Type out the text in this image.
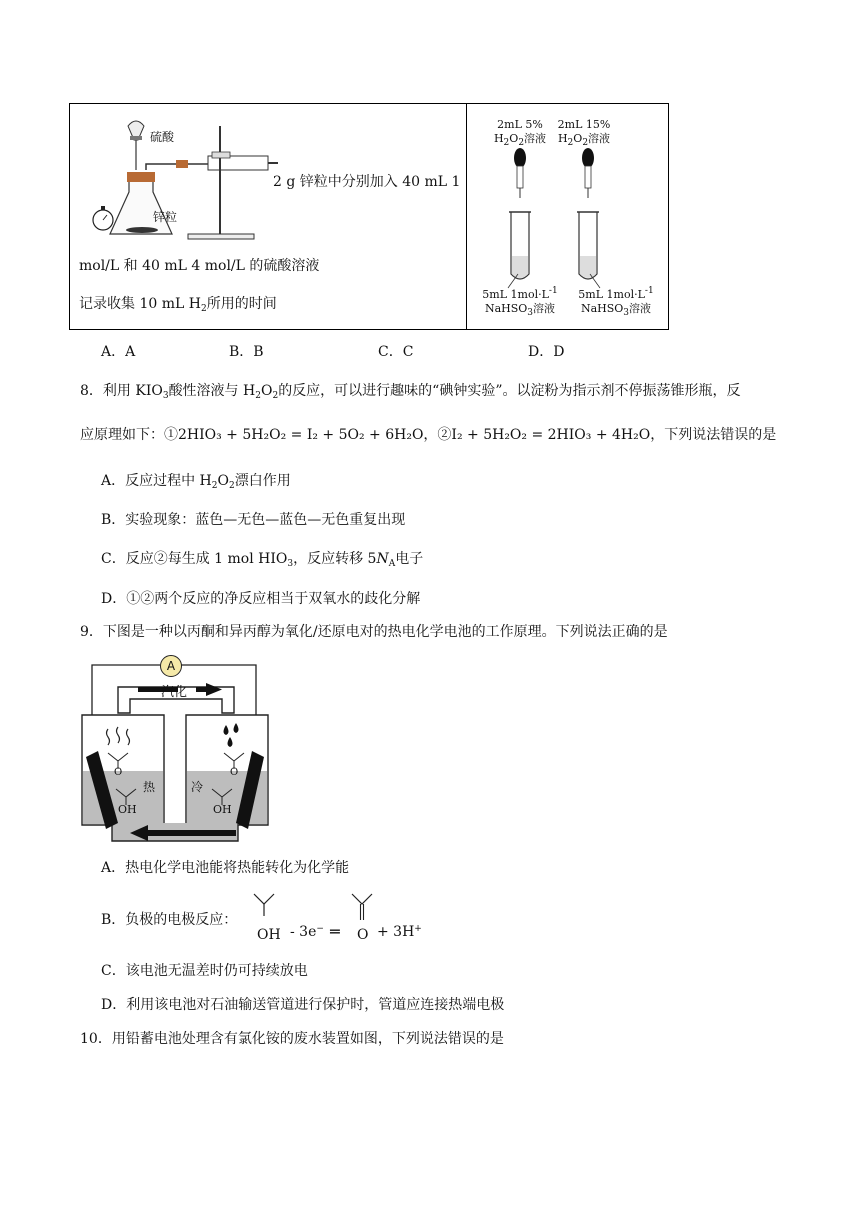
硫酸
锌粒
2 g 锌粒中分别加入 40 mL 1
mol/L 和 40 mL 4 mol/L 的硫酸溶液
记录收集 10 mL $H_2$所用的时间
2mL 5%
$H_2O_2$溶液
2mL 15%
$H_2O_2$溶液
5mL $1mol\cdot L^{-1}$
NaHSO$_3$溶液
5mL $1mol\cdot L^{-1}$
NaHSO$_3$溶液
A．A	B．B	C．C	D．D
8．利用 $KIO_3$酸性溶液与 $H_2O_2$的反应，可以进行趣味的“碘钟实验”。以淀粉为指示剂不停振荡锥形瓶，反
应原理如下：①2HIO₃ + 5H₂O₂ = I₂ + 5O₂ + 6H₂O，②I₂ + 5H₂O₂ = 2HIO₃ + 4H₂O，下列说法错误的是
A．反应过程中 $H_2O_2$漂白作用
B．实验现象：蓝色—无色—蓝色—无色重复出现
C．反应②每生成 1 mol $HIO_3$，反应转移 $5N_A$电子
D．①②两个反应的净反应相当于双氧水的歧化分解
9．下图是一种以丙酮和异丙醇为氧化/还原电对的热电化学电池的工作原理。下列说法正确的是
A
汽化
热	冷
O	O
OH	OH
A．热电化学电池能将热能转化为化学能
B．负极的电极反应：
OH - 3e− ═ O + 3H+
C．该电池无温差时仍可持续放电
D．利用该电池对石油输送管道进行保护时，管道应连接热端电极
10．用铅蓄电池处理含有氯化铵的废水装置如图，下列说法错误的是
